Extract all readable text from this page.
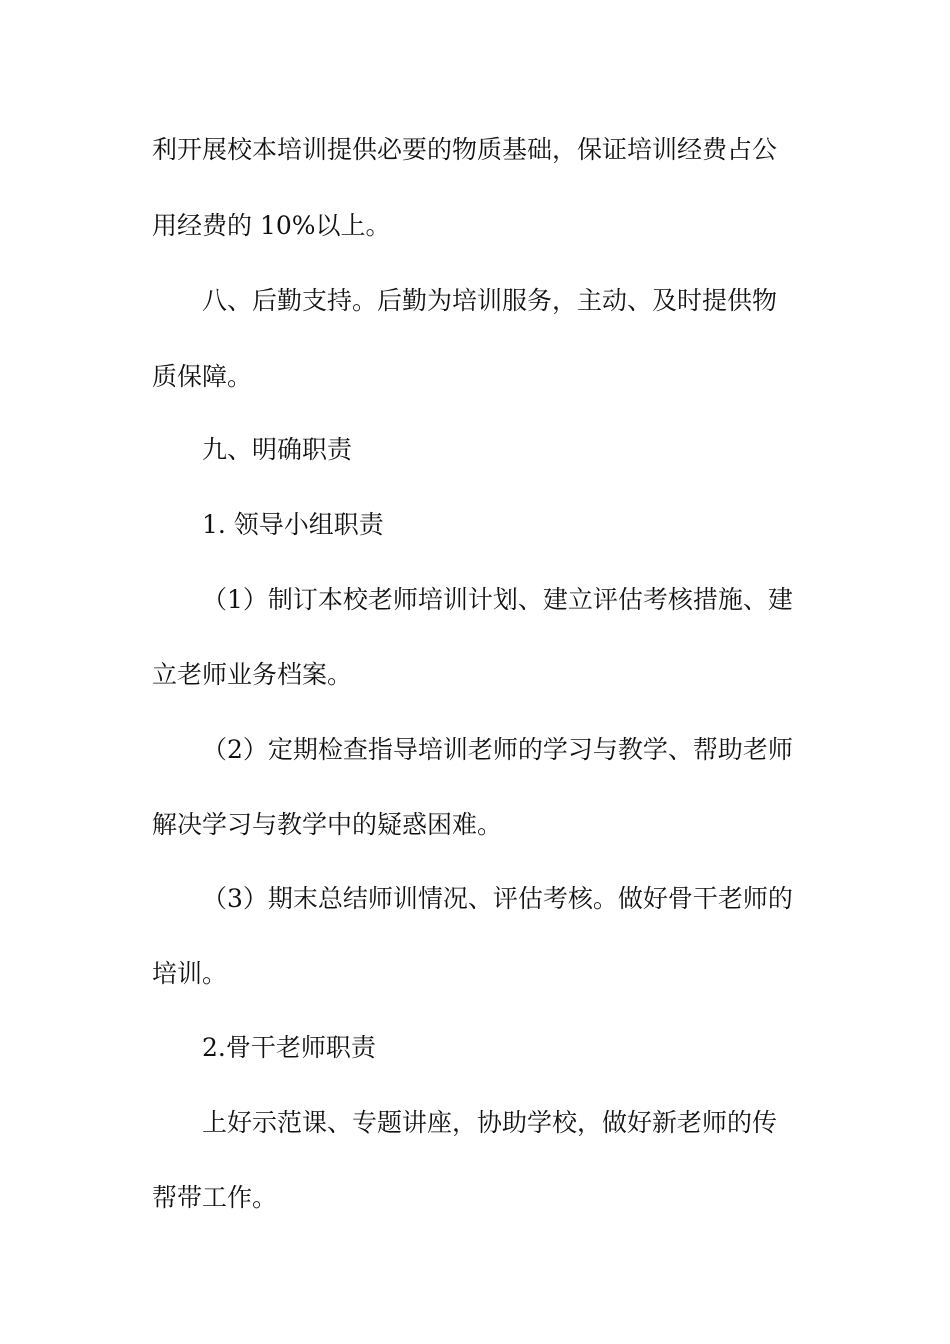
利开展校本培训提供必要的物质基础，保证培训经费占公
用经费的 10%以上。
八、后勤支持。后勤为培训服务，主动、及时提供物
质保障。
九、明确职责
1. 领导小组职责
（1）制订本校老师培训计划、建立评估考核措施、建
立老师业务档案。
（2）定期检查指导培训老师的学习与教学、帮助老师
解决学习与教学中的疑惑困难。
（3）期末总结师训情况、评估考核。做好骨干老师的
培训。
2.骨干老师职责
上好示范课、专题讲座，协助学校，做好新老师的传
帮带工作。
